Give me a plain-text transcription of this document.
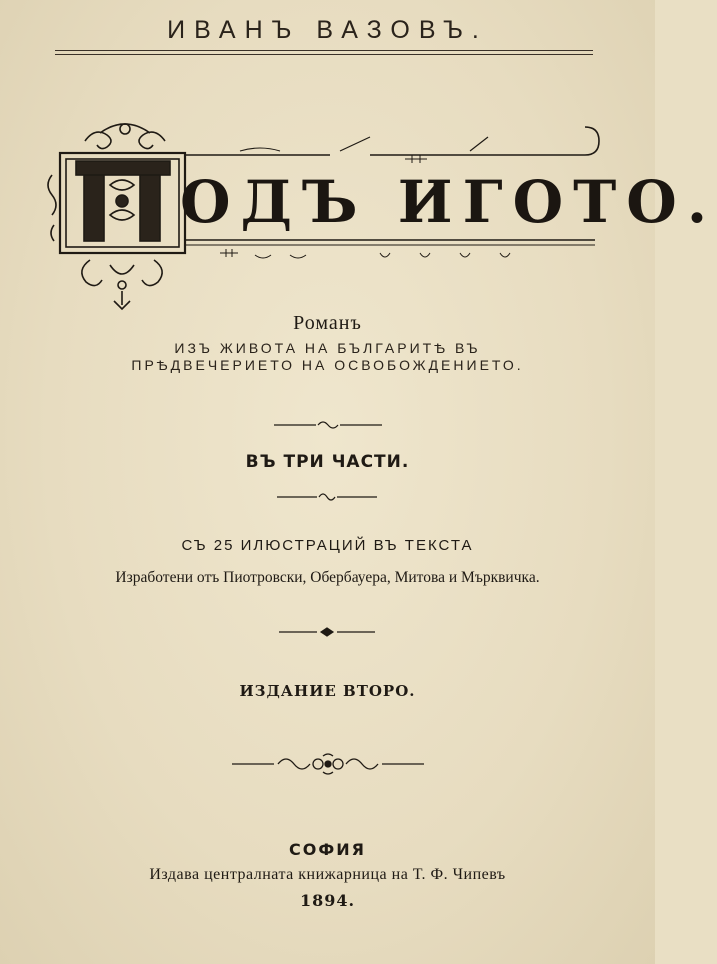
ИВАНЪ ВАЗОВЪ.
ОДЪ ИГОТО.
Романъ
ИЗЪ ЖИВОТА НА БЪЛГАРИТѢ ВЪ ПРѢДВЕЧЕРИЕТО НА ОСВОБОЖДЕНИЕТО.
ВЪ ТРИ ЧАСТИ.
СЪ 25 ИЛЮСТРАЦИЙ ВЪ ТЕКСТА
Изработени отъ Пиотровски, Обербауера, Митова и Мърквичка.
ИЗДАНИЕ ВТОРО.
СОФИЯ
Издава централната книжарница на Т. Ф. Чипевъ
1894.
